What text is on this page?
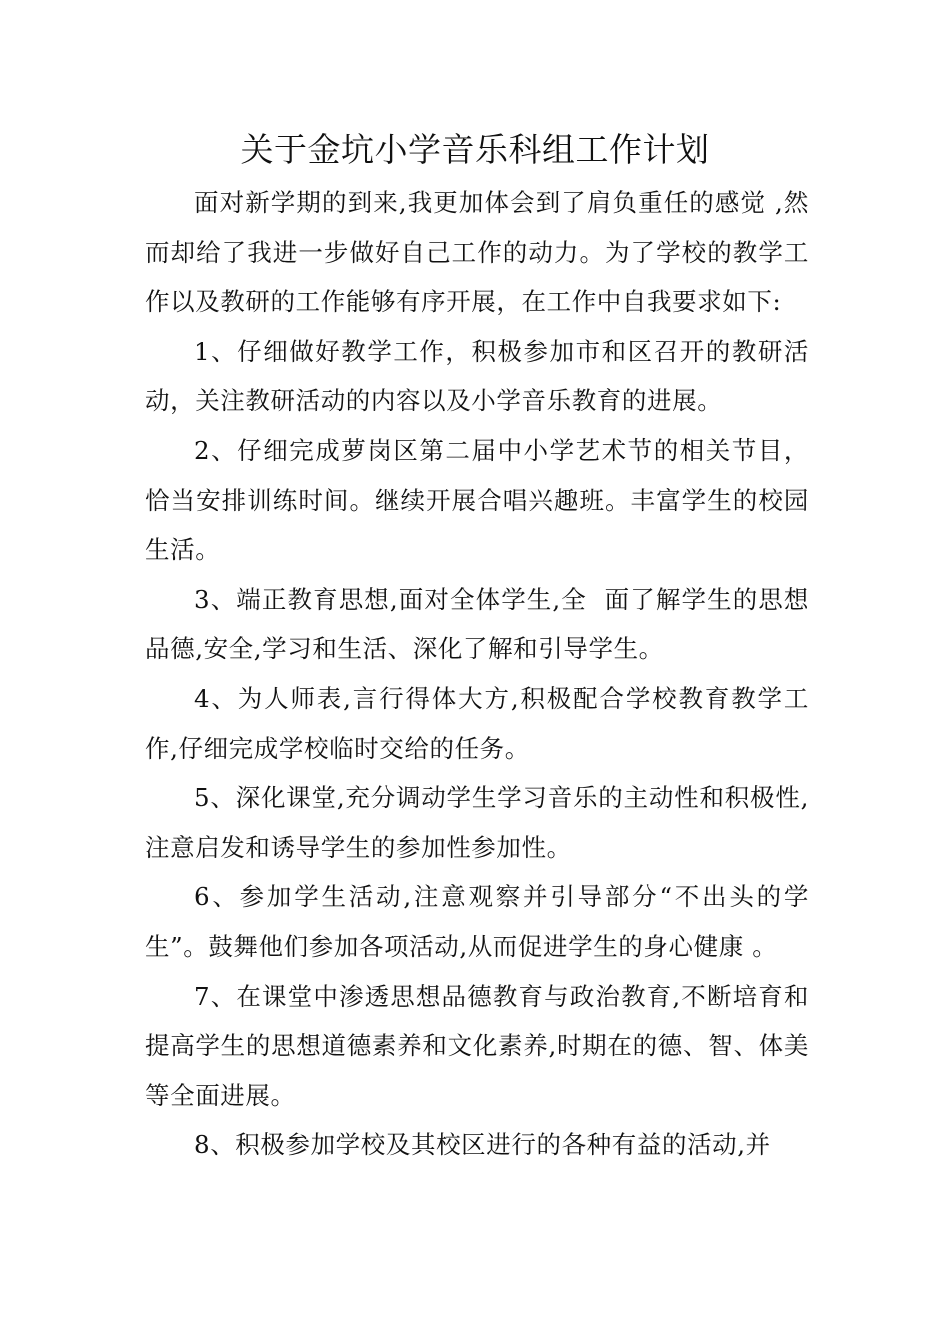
关于金坑小学音乐科组工作计划

面对新学期的到来,我更加体会到了肩负重任的感觉 ,然而却给了我进一步做好自己工作的动力。为了学校的教学工作以及教研的工作能够有序开展，在工作中自我要求如下:

1、仔细做好教学工作，积极参加市和区召开的教研活动，关注教研活动的内容以及小学音乐教育的进展。

2、仔细完成萝岗区第二届中小学艺术节的相关节目，恰当安排训练时间。继续开展合唱兴趣班。丰富学生的校园生活。

3、端正教育思想,面对全体学生,全  面了解学生的思想品德,安全,学习和生活、深化了解和引导学生。

4、为人师表,言行得体大方,积极配合学校教育教学工作,仔细完成学校临时交给的任务。

5、深化课堂,充分调动学生学习音乐的主动性和积极性,注意启发和诱导学生的参加性参加性。

6、参加学生活动,注意观察并引导部分“不出头的学生”。鼓舞他们参加各项活动,从而促进学生的身心健康 。

7、在课堂中渗透思想品德教育与政治教育,不断培育和提高学生的思想道德素养和文化素养,时期在的德、智、体美等全面进展。

8、积极参加学校及其校区进行的各种有益的活动,并
